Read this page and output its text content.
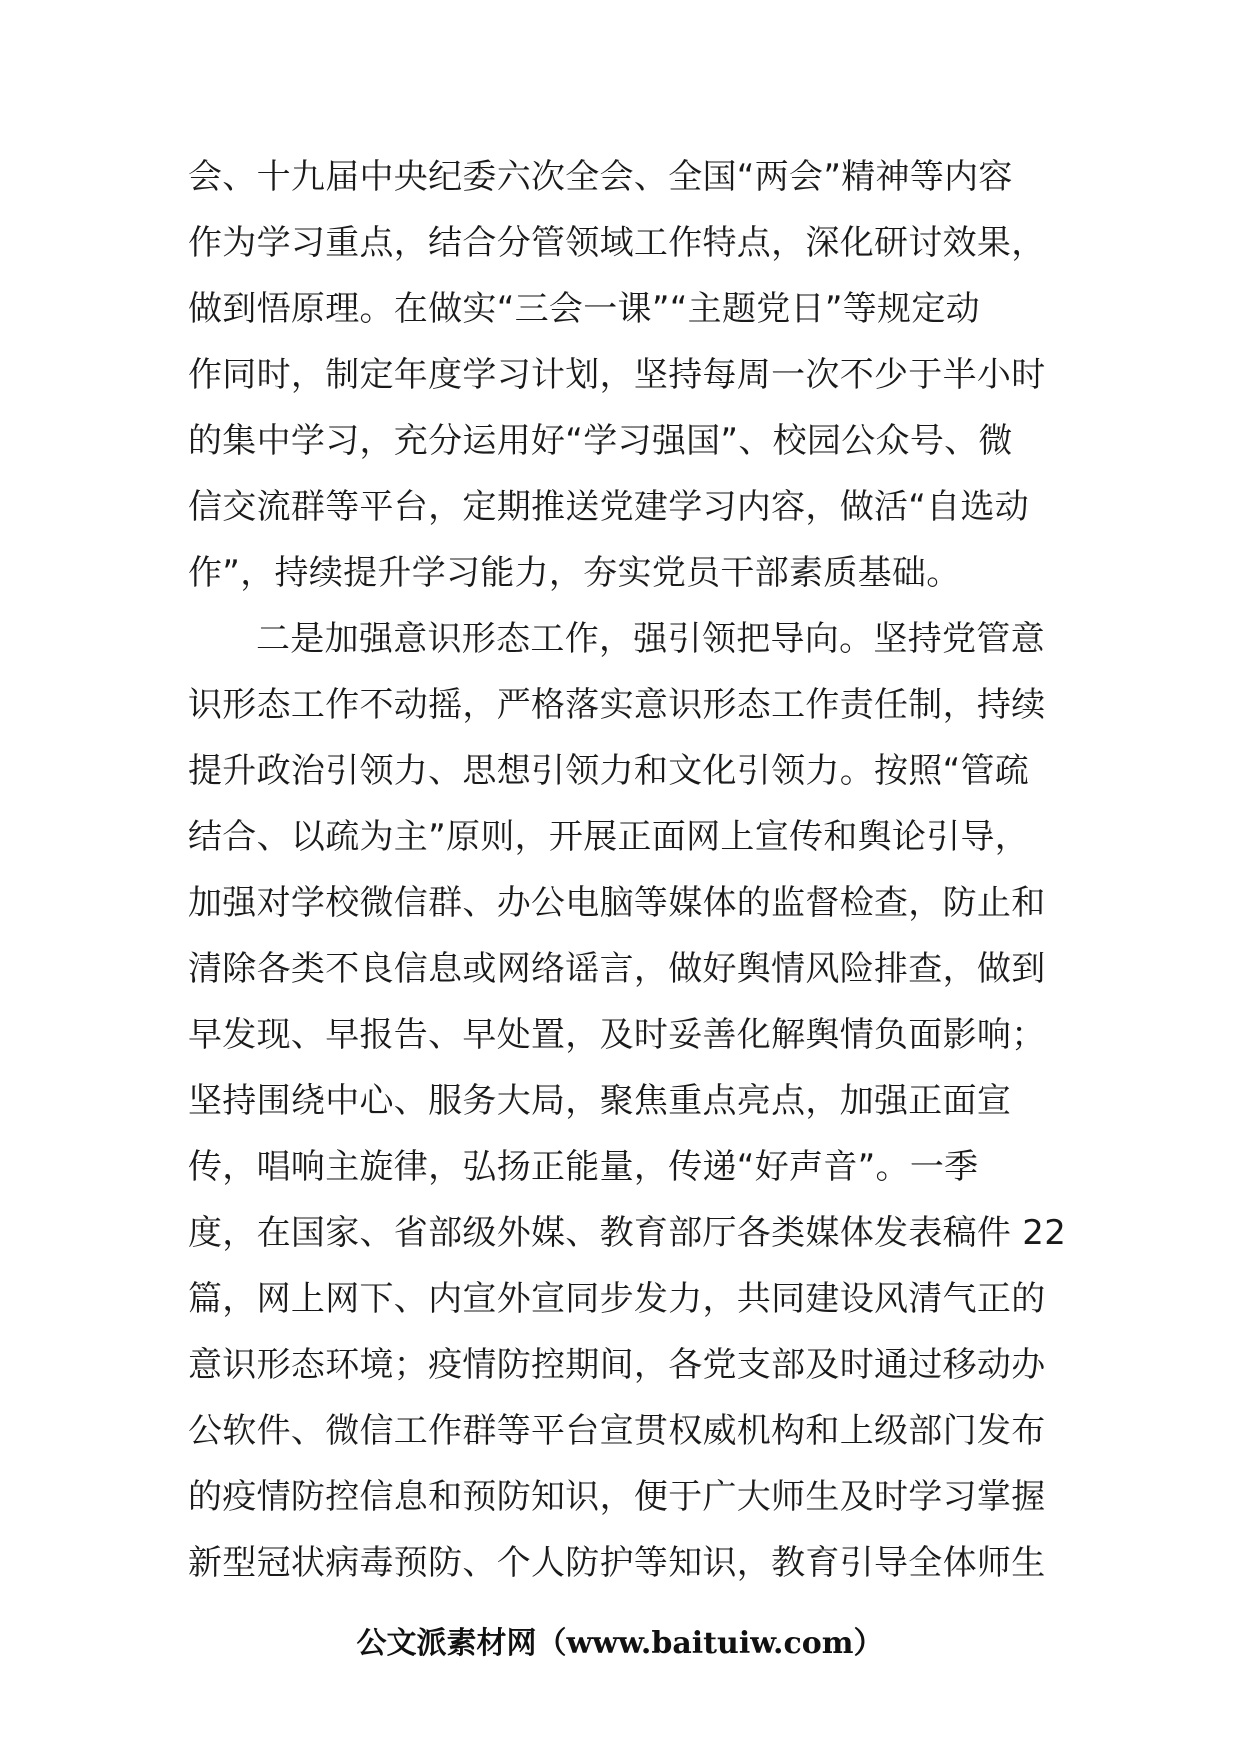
会、十九届中央纪委六次全会、全国“两会”精神等内容
作为学习重点，结合分管领域工作特点，深化研讨效果，
做到悟原理。在做实“三会一课”“主题党日”等规定动
作同时，制定年度学习计划，坚持每周一次不少于半小时
的集中学习，充分运用好“学习强国”、校园公众号、微
信交流群等平台，定期推送党建学习内容，做活“自选动
作”，持续提升学习能力，夯实党员干部素质基础。
二是加强意识形态工作，强引领把导向。坚持党管意
识形态工作不动摇，严格落实意识形态工作责任制，持续
提升政治引领力、思想引领力和文化引领力。按照“管疏
结合、以疏为主”原则，开展正面网上宣传和舆论引导，
加强对学校微信群、办公电脑等媒体的监督检查，防止和
清除各类不良信息或网络谣言，做好舆情风险排查，做到
早发现、早报告、早处置，及时妥善化解舆情负面影响；
坚持围绕中心、服务大局，聚焦重点亮点，加强正面宣
传，唱响主旋律，弘扬正能量，传递“好声音”。一季
度，在国家、省部级外媒、教育部厅各类媒体发表稿件 22
篇，网上网下、内宣外宣同步发力，共同建设风清气正的
意识形态环境；疫情防控期间，各党支部及时通过移动办
公软件、微信工作群等平台宣贯权威机构和上级部门发布
的疫情防控信息和预防知识，便于广大师生及时学习掌握
新型冠状病毒预防、个人防护等知识，教育引导全体师生
公文派素材网（www.baituiw.com）
